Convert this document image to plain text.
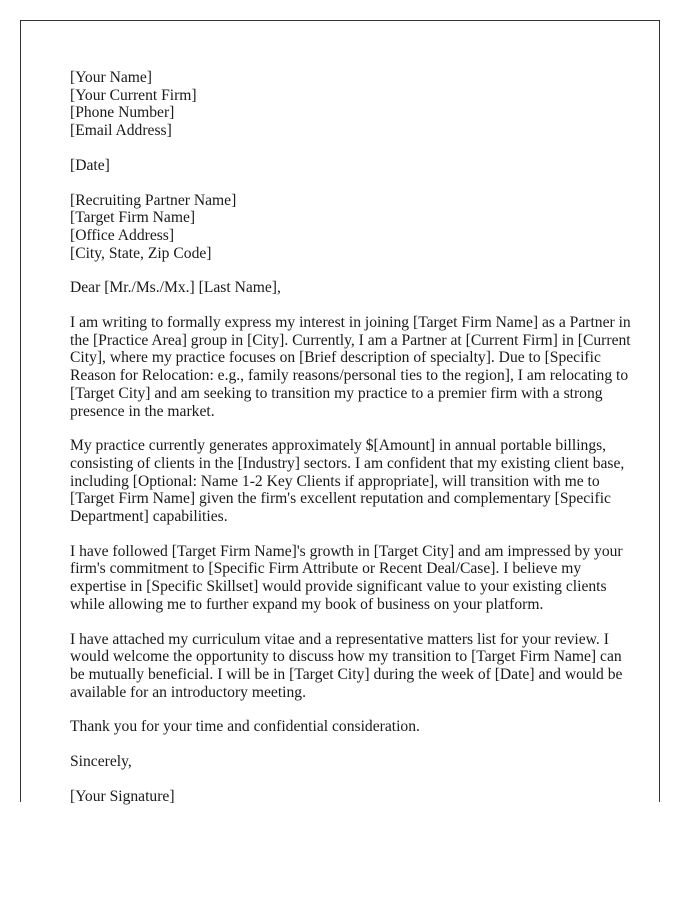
[Your Name]
[Your Current Firm]
[Phone Number]
[Email Address]
[Date]
[Recruiting Partner Name]
[Target Firm Name]
[Office Address]
[City, State, Zip Code]

Dear [Mr./Ms./Mx.] [Last Name],

I am writing to formally express my interest in joining [Target Firm Name] as a Partner in
the [Practice Area] group in [City]. Currently, I am a Partner at [Current Firm] in [Current
City], where my practice focuses on [Brief description of specialty]. Due to [Specific
Reason for Relocation: e.g., family reasons/personal ties to the region], I am relocating to
[Target City] and am seeking to transition my practice to a premier firm with a strong
presence in the market.

My practice currently generates approximately $[Amount] in annual portable billings,
consisting of clients in the [Industry] sectors. I am confident that my existing client base,
including [Optional: Name 1-2 Key Clients if appropriate], will transition with me to
[Target Firm Name] given the firm's excellent reputation and complementary [Specific
Department] capabilities.

I have followed [Target Firm Name]'s growth in [Target City] and am impressed by your
firm's commitment to [Specific Firm Attribute or Recent Deal/Case]. I believe my
expertise in [Specific Skillset] would provide significant value to your existing clients
while allowing me to further expand my book of business on your platform.

I have attached my curriculum vitae and a representative matters list for your review. I
would welcome the opportunity to discuss how my transition to [Target Firm Name] can
be mutually beneficial. I will be in [Target City] during the week of [Date] and would be
available for an introductory meeting.

Thank you for your time and confidential consideration.

Sincerely,

[Your Signature]
